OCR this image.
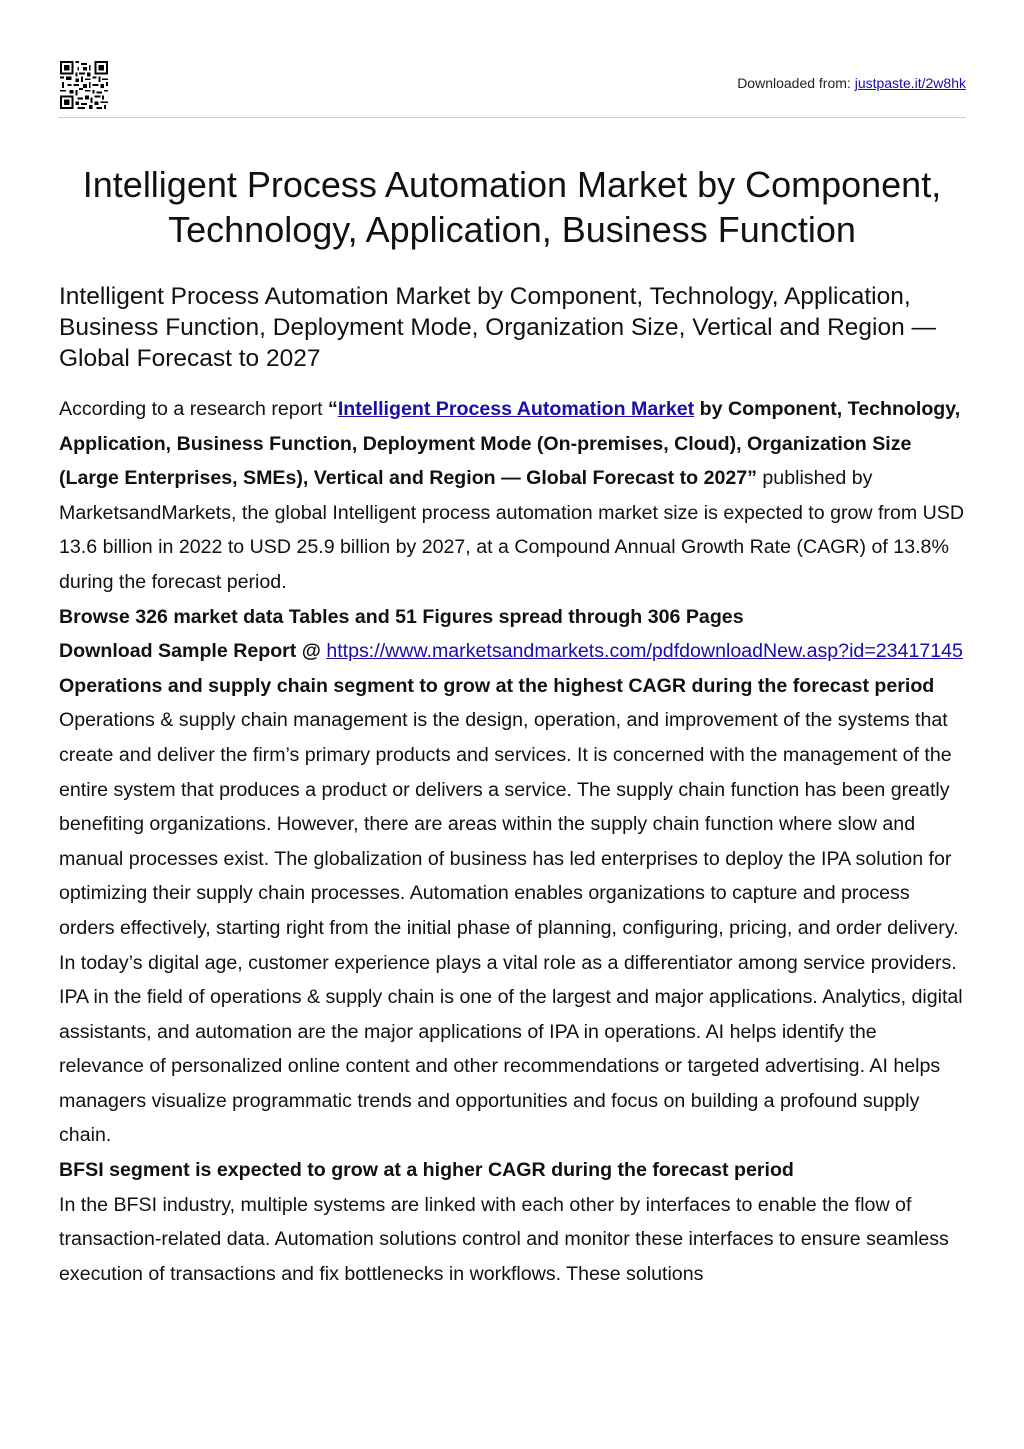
Downloaded from: justpaste.it/2w8hk
Intelligent Process Automation Market by Component, Technology, Application, Business Function
Intelligent Process Automation Market by Component, Technology, Application, Business Function, Deployment Mode, Organization Size, Vertical and Region — Global Forecast to 2027

According to a research report “Intelligent Process Automation Market by Component, Technology, Application, Business Function, Deployment Mode (On-premises, Cloud), Organization Size (Large Enterprises, SMEs), Vertical and Region — Global Forecast to 2027” published by MarketsandMarkets, the global Intelligent process automation market size is expected to grow from USD 13.6 billion in 2022 to USD 25.9 billion by 2027, at a Compound Annual Growth Rate (CAGR) of 13.8% during the forecast period.

Browse 326 market data Tables and 51 Figures spread through 306 Pages

Download Sample Report @ https://www.marketsandmarkets.com/pdfdownloadNew.asp?id=23417145

Operations and supply chain segment to grow at the highest CAGR during the forecast period

Operations & supply chain management is the design, operation, and improvement of the systems that create and deliver the firm’s primary products and services. It is concerned with the management of the entire system that produces a product or delivers a service. The supply chain function has been greatly benefiting organizations. However, there are areas within the supply chain function where slow and manual processes exist. The globalization of business has led enterprises to deploy the IPA solution for optimizing their supply chain processes. Automation enables organizations to capture and process orders effectively, starting right from the initial phase of planning, configuring, pricing, and order delivery. In today’s digital age, customer experience plays a vital role as a differentiator among service providers. IPA in the field of operations & supply chain is one of the largest and major applications. Analytics, digital assistants, and automation are the major applications of IPA in operations. AI helps identify the relevance of personalized online content and other recommendations or targeted advertising. AI helps managers visualize programmatic trends and opportunities and focus on building a profound supply chain.

BFSI segment is expected to grow at a higher CAGR during the forecast period

In the BFSI industry, multiple systems are linked with each other by interfaces to enable the flow of transaction-related data. Automation solutions control and monitor these interfaces to ensure seamless execution of transactions and fix bottlenecks in workflows. These solutions
